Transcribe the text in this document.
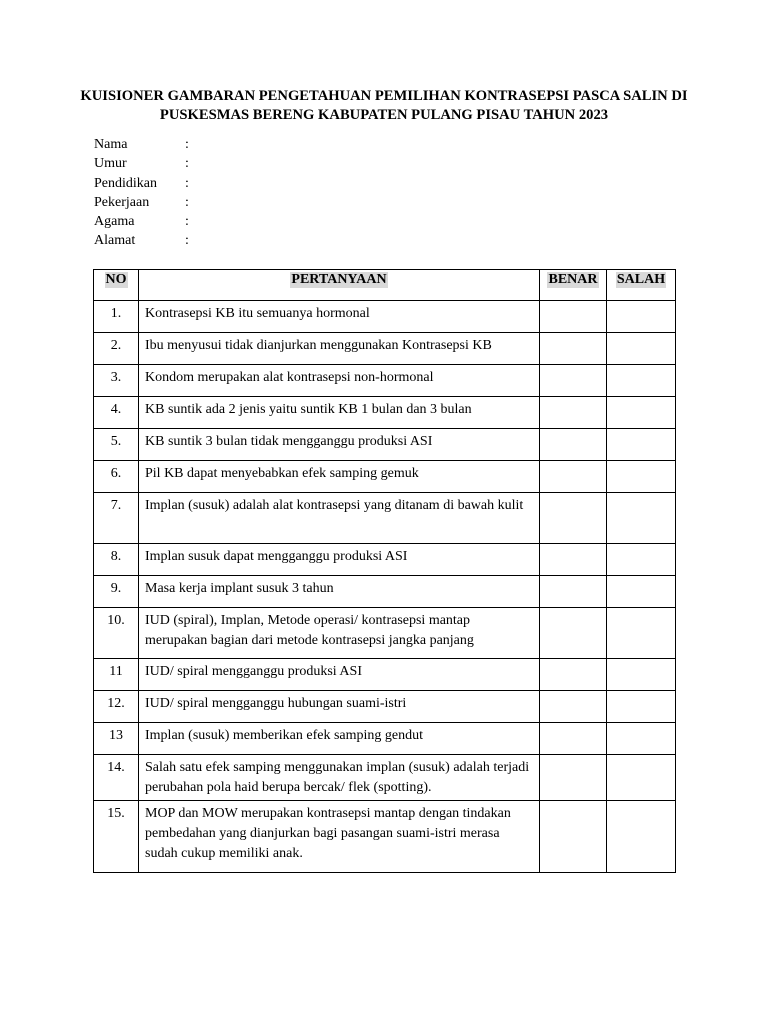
KUISIONER GAMBARAN PENGETAHUAN PEMILIHAN KONTRASEPSI PASCA SALIN DI
PUSKESMAS BERENG KABUPATEN PULANG PISAU TAHUN 2023
Nama	:
Umur	:
Pendidikan :
Pekerjaan	:
Agama	:
Alamat	:
NO	PERTANYAAN	BENAR	SALAH
1.	Kontrasepsi KB itu semuanya hormonal		
2.	Ibu menyusui tidak dianjurkan menggunakan Kontrasepsi KB		
3.	Kondom merupakan alat kontrasepsi non-hormonal		
4.	KB suntik ada 2 jenis yaitu suntik KB 1 bulan dan 3 bulan		
5.	KB suntik 3 bulan tidak mengganggu produksi ASI		
6.	Pil KB dapat menyebabkan efek samping gemuk		
7.	Implan (susuk) adalah alat kontrasepsi yang ditanam di bawah kulit		
8.	Implan susuk dapat mengganggu produksi ASI		
9.	Masa kerja implant susuk 3 tahun		
10.	IUD (spiral), Implan, Metode operasi/ kontrasepsi mantap merupakan bagian dari metode kontrasepsi jangka panjang		
11	IUD/ spiral mengganggu produksi ASI		
12.	IUD/ spiral mengganggu hubungan suami-istri		
13	Implan (susuk) memberikan efek samping gendut		
14.	Salah satu efek samping menggunakan implan (susuk) adalah terjadi perubahan pola haid berupa bercak/ flek (spotting).		
15.	MOP dan MOW merupakan kontrasepsi mantap dengan tindakan pembedahan yang dianjurkan bagi pasangan suami-istri merasa sudah cukup memiliki anak.		
